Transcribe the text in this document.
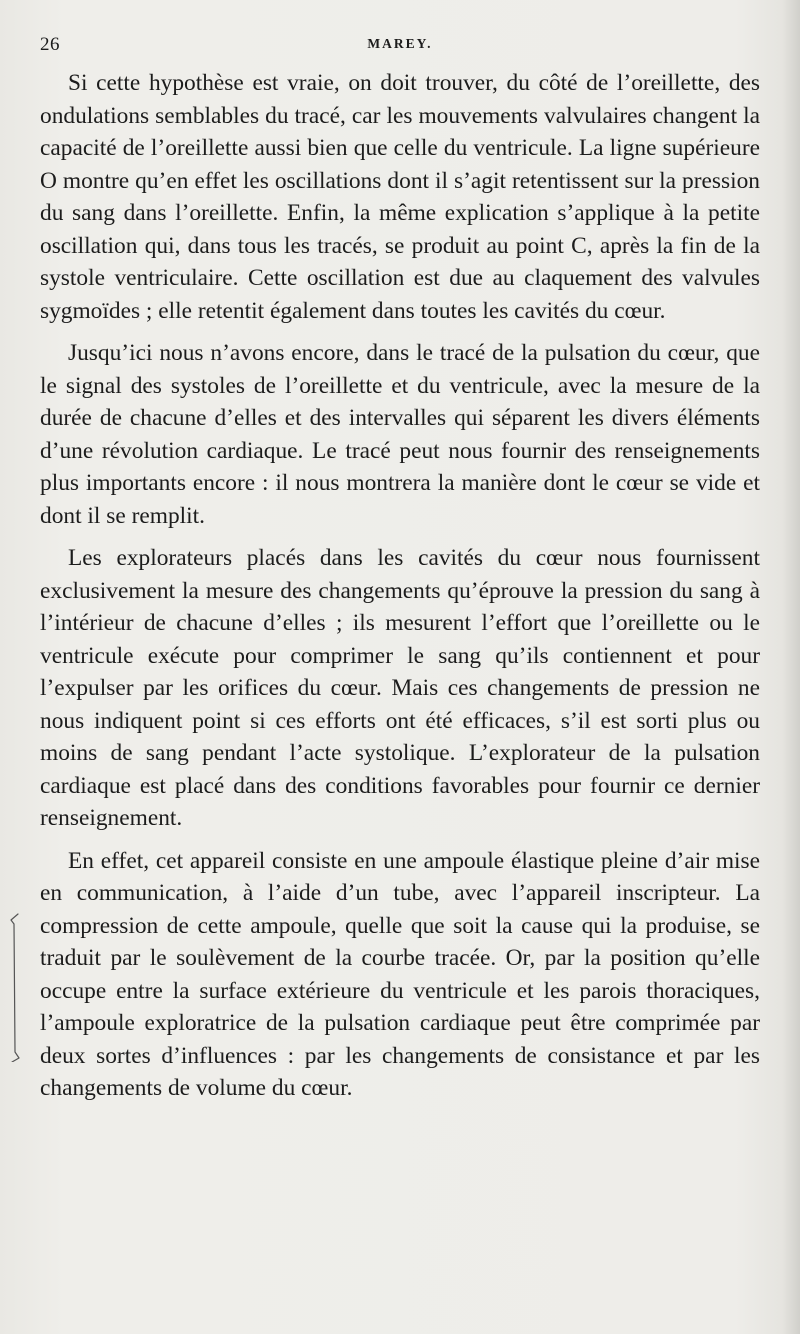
26	MAREY.

Si cette hypothèse est vraie, on doit trouver, du côté de l’oreillette, des ondulations semblables du tracé, car les mouvements valvulaires changent la capacité de l’oreillette aussi bien que celle du ventricule. La ligne supérieure O montre qu’en effet les oscillations dont il s’agit retentissent sur la pression du sang dans l’oreillette. Enfin, la même explication s’applique à la petite oscillation qui, dans tous les tracés, se produit au point C, après la fin de la systole ventriculaire. Cette oscillation est due au claquement des valvules sygmoïdes ; elle retentit également dans toutes les cavités du cœur.

Jusqu’ici nous n’avons encore, dans le tracé de la pulsation du cœur, que le signal des systoles de l’oreillette et du ventricule, avec la mesure de la durée de chacune d’elles et des intervalles qui séparent les divers éléments d’une révolution cardiaque. Le tracé peut nous fournir des renseignements plus importants encore : il nous montrera la manière dont le cœur se vide et dont il se remplit.

Les explorateurs placés dans les cavités du cœur nous fournissent exclusivement la mesure des changements qu’éprouve la pression du sang à l’intérieur de chacune d’elles ; ils mesurent l’effort que l’oreillette ou le ventricule exécute pour comprimer le sang qu’ils contiennent et pour l’expulser par les orifices du cœur. Mais ces changements de pression ne nous indiquent point si ces efforts ont été efficaces, s’il est sorti plus ou moins de sang pendant l’acte systolique. L’explorateur de la pulsation cardiaque est placé dans des conditions favorables pour fournir ce dernier renseignement.

En effet, cet appareil consiste en une ampoule élastique pleine d’air mise en communication, à l’aide d’un tube, avec l’appareil inscripteur. La compression de cette ampoule, quelle que soit la cause qui la produise, se traduit par le soulèvement de la courbe tracée. Or, par la position qu’elle occupe entre la surface extérieure du ventricule et les parois thoraciques, l’ampoule exploratrice de la pulsation cardiaque peut être comprimée par deux sortes d’influences : par les changements de consistance et par les changements de volume du cœur.
